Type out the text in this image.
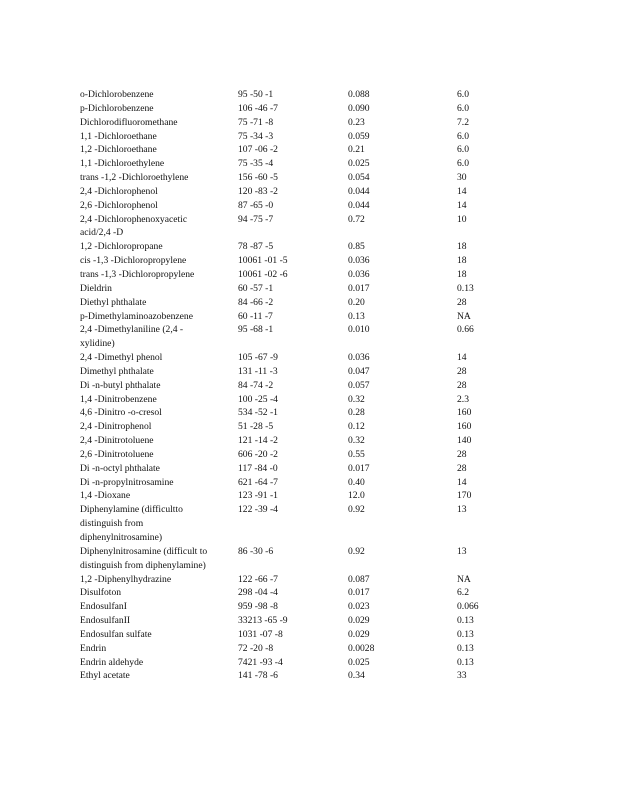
o-Dichlorobenzene	95 -50 -1	0.088	6.0
p-Dichlorobenzene	106 -46 -7	0.090	6.0
Dichlorodifluoromethane	75 -71 -8	0.23	7.2
1,1 -Dichloroethane	75 -34 -3	0.059	6.0
1,2 -Dichloroethane	107 -06 -2	0.21	6.0
1,1 -Dichloroethylene	75 -35 -4	0.025	6.0
trans -1,2 -Dichloroethylene	156 -60 -5	0.054	30
2,4 -Dichlorophenol	120 -83 -2	0.044	14
2,6 -Dichlorophenol	87 -65 -0	0.044	14
2,4 -Dichlorophenoxyacetic acid/2,4 -D
94 -75 -7	0.72	10
1,2 -Dichloropropane	78 -87 -5	0.85	18
cis -1,3 -Dichloropropylene	10061 -01 -5	0.036	18
trans -1,3 -Dichloropropylene	10061 -02 -6	0.036	18
Dieldrin	60 -57 -1	0.017	0.13
Diethyl phthalate	84 -66 -2	0.20	28
p-Dimethylaminoazobenzene	60 -11 -7	0.13	NA
2,4 -Dimethylaniline (2,4 - xylidine)
95 -68 -1	0.010	0.66
2,4 -Dimethyl phenol	105 -67 -9	0.036	14
Dimethyl phthalate	131 -11 -3	0.047	28
Di -n-butyl phthalate	84 -74 -2	0.057	28
1,4 -Dinitrobenzene	100 -25 -4	0.32	2.3
4,6 -Dinitro -o-cresol	534 -52 -1	0.28	160
2,4 -Dinitrophenol	51 -28 -5	0.12	160
2,4 -Dinitrotoluene	121 -14 -2	0.32	140
2,6 -Dinitrotoluene	606 -20 -2	0.55	28
Di -n-octyl phthalate	117 -84 -0	0.017	28
Di -n-propylnitrosamine	621 -64 -7	0.40	14
1,4 -Dioxane	123 -91 -1	12.0	170
Diphenylamine (difficultto distinguish from diphenylnitrosamine)
122 -39 -4	0.92	13
Diphenylnitrosamine (difficult to distinguish from diphenylamine)
86 -30 -6	0.92	13
1,2 -Diphenylhydrazine	122 -66 -7	0.087	NA
Disulfoton	298 -04 -4	0.017	6.2
EndosulfanI	959 -98 -8	0.023	0.066
EndosulfanII	33213 -65 -9	0.029	0.13
Endosulfan sulfate	1031 -07 -8	0.029	0.13
Endrin	72 -20 -8	0.0028	0.13
Endrin aldehyde	7421 -93 -4	0.025	0.13
Ethyl acetate	141 -78 -6	0.34	33
